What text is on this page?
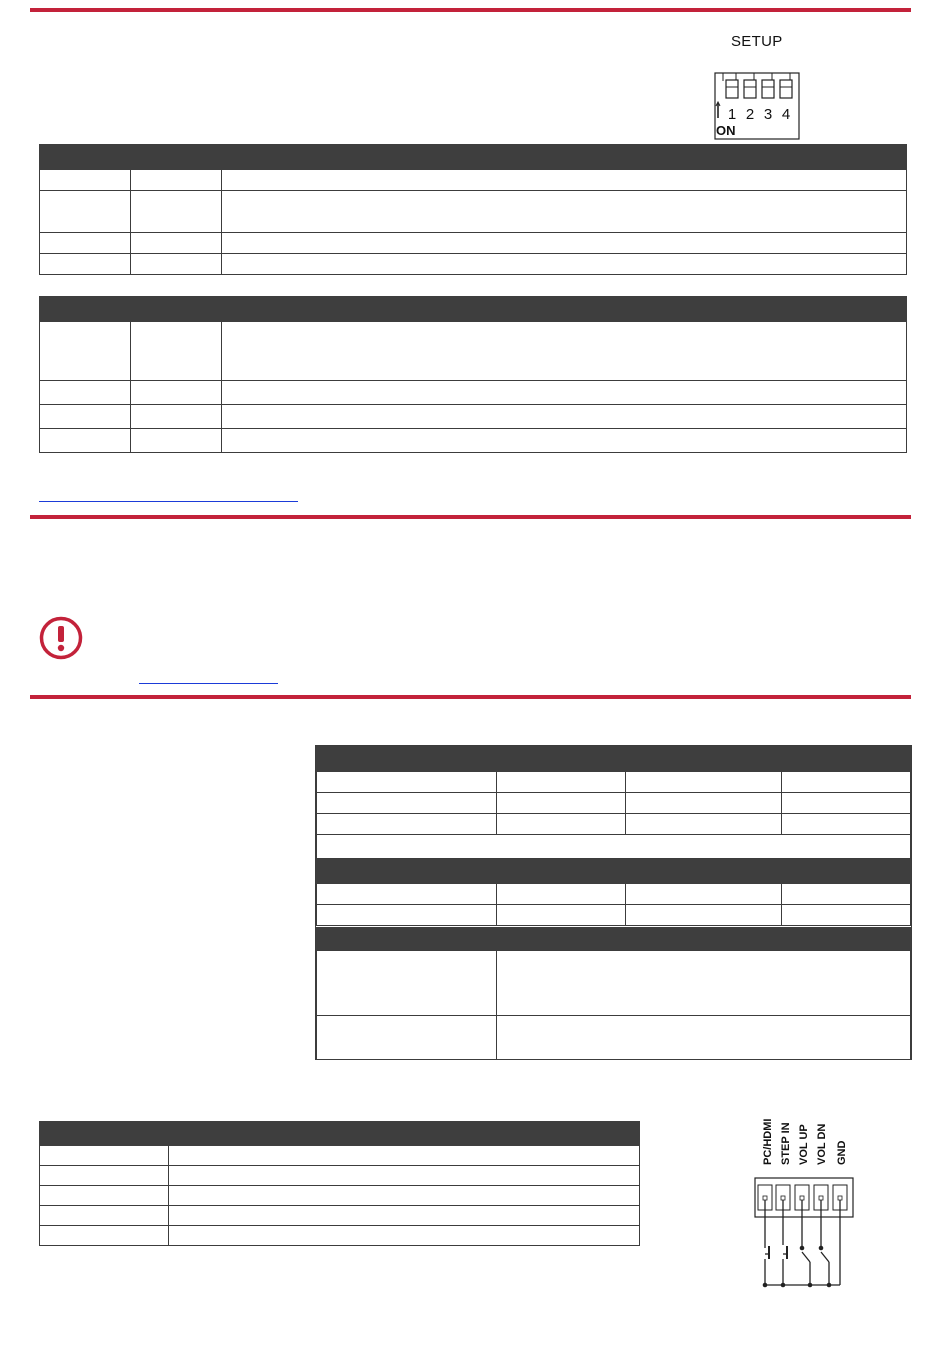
SETUP
1 2 3 4
ON

PC/HDMI STEP IN VOL UP VOL DN GND
